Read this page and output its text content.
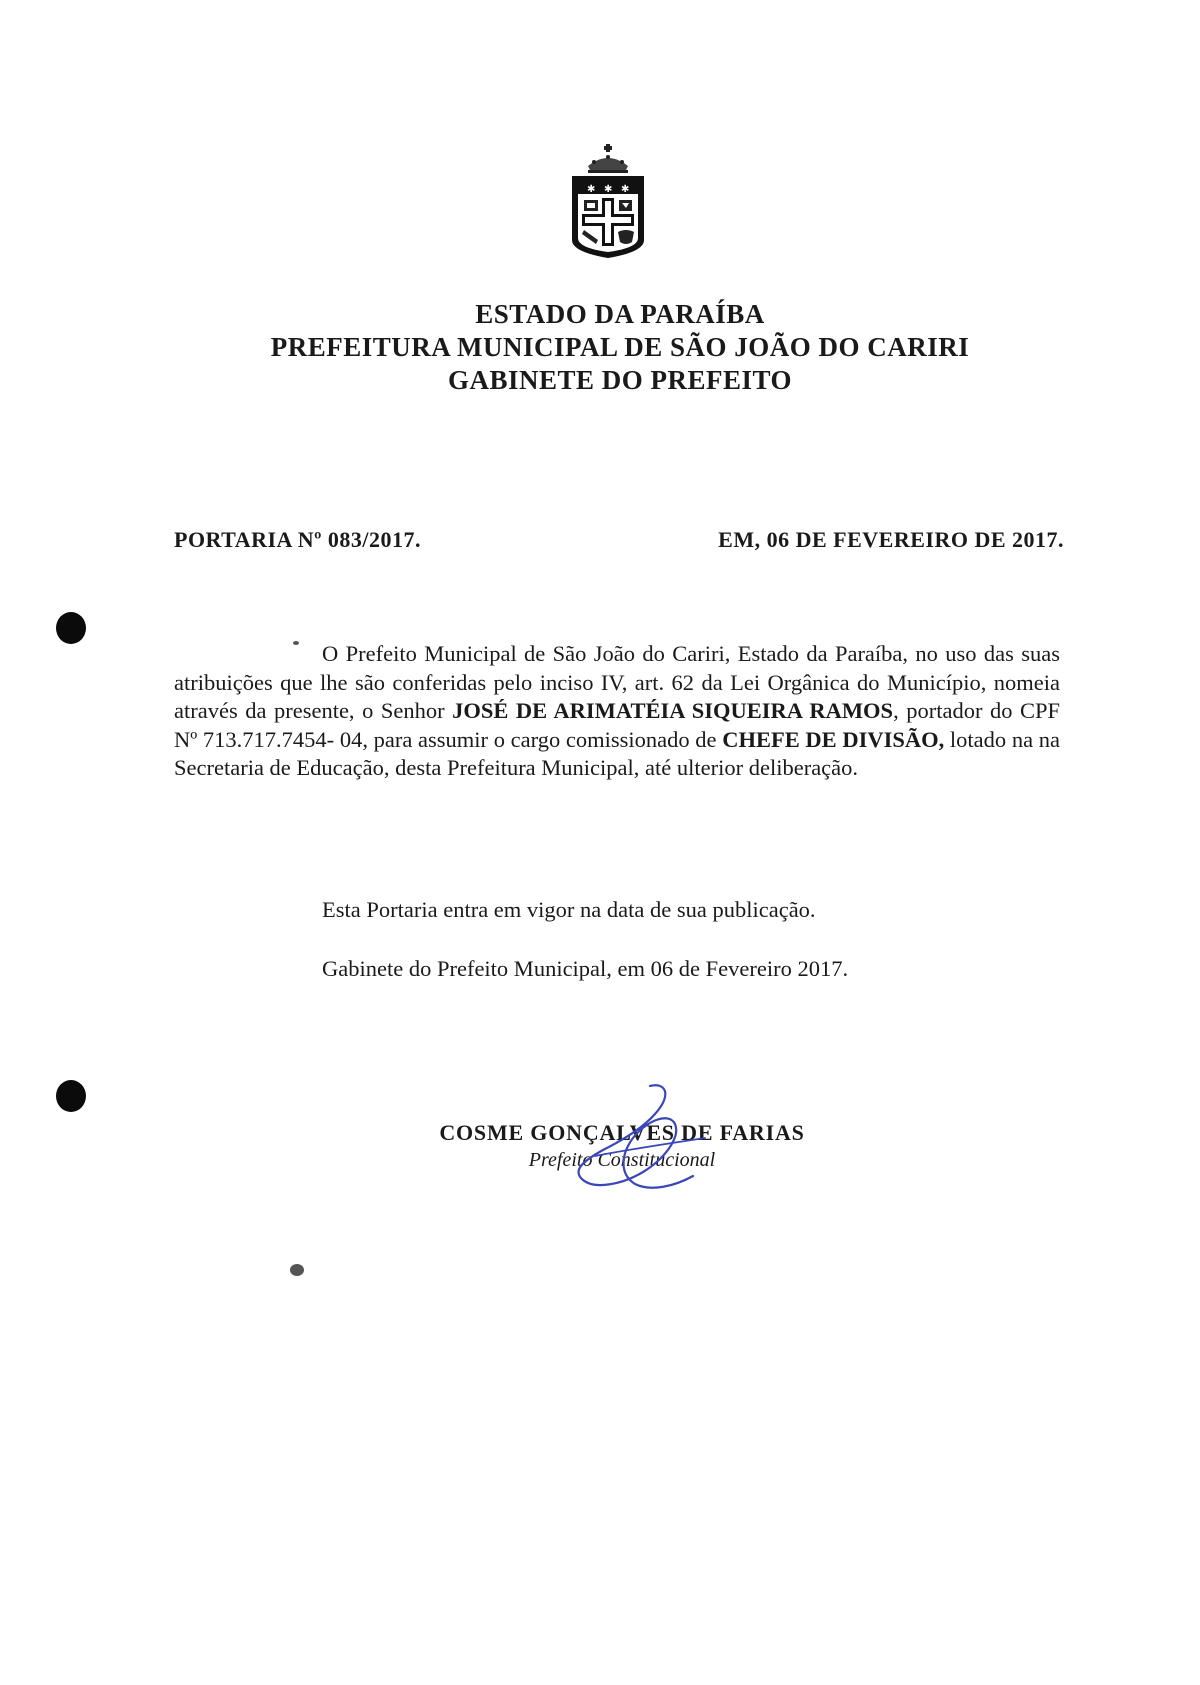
✱ ✱ ✱
ESTADO DA PARAÍBA
PREFEITURA MUNICIPAL DE SÃO JOÃO DO CARIRI
GABINETE DO PREFEITO
PORTARIA Nº 083/2017.	EM, 06 DE FEVEREIRO DE 2017.

O Prefeito Municipal de São João do Cariri, Estado da Paraíba, no uso das suas atribuições que lhe são conferidas pelo inciso IV, art. 62 da Lei Orgânica do Município, nomeia através da presente, o Senhor JOSÉ DE ARIMATÉIA SIQUEIRA RAMOS, portador do CPF Nº 713.717.7454- 04, para assumir o cargo comissionado de CHEFE DE DIVISÃO, lotado na na Secretaria de Educação, desta Prefeitura Municipal, até ulterior deliberação.

Esta Portaria entra em vigor na data de sua publicação.
Gabinete do Prefeito Municipal, em 06 de Fevereiro 2017.
COSME GONÇALVES DE FARIAS
Prefeito Constitucional
